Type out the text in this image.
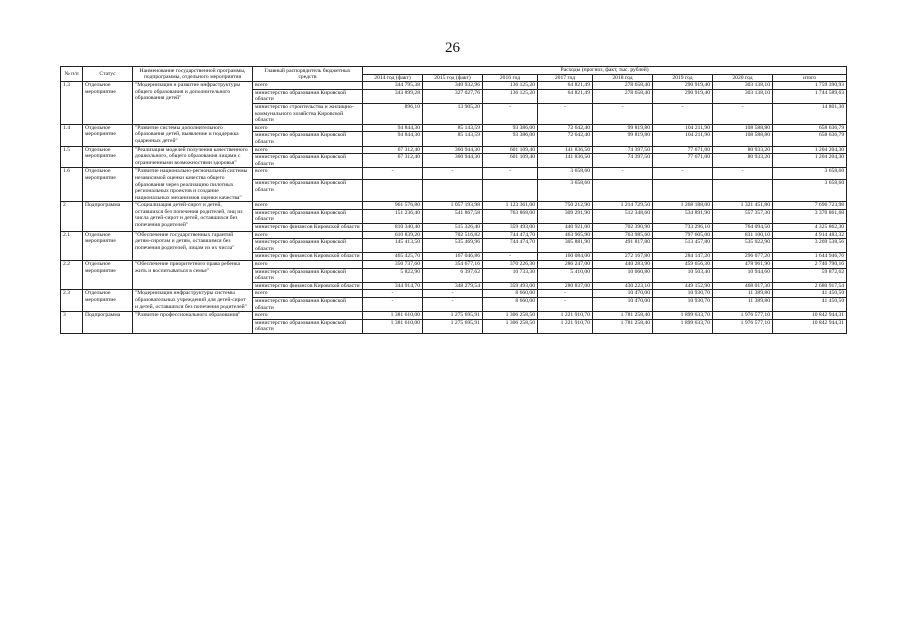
26
№ п/п	Статус	Наименование государственной программы, подпрограммы, отдельного мероприятия	Главный распорядитель бюджетных средств	Расходы (прогноз, факт, тыс. рублей)							
				2014 год (факт)	2015 год (факт)	2016 год	2017 год	2018 год	2019 год	2020 год	итого
1.3	Отдельное мероприятие	"Модернизация и развитие инфраструктуры общего образования и дополнительного образования детей"	всего	344 795,38	340 932,96	136 125,20	64 821,49	278 658,40	290 919,40	303 138,10	1 759 390,93
			министерство образования Кировской области	343 899,28	327 027,76	136 125,20	64 821,49	278 658,40	290 919,40	303 138,10	1 744 589,63
			министерство строительства и жилищно-коммунального хозяйства Кировской области	896,10	13 905,20	-	-	-	-	-	14 801,30
1.4	Отдельное мероприятие	"Развитие системы дополнительного образования детей, выявление и поддержка одаренных детей"	всего	94 844,30	85 143,59	93 386,00	72 642,40	99 819,80	104 211,90	108 588,80	658 636,79
			министерство образования Кировской области	94 844,30	85 143,59	93 386,00	72 642,40	99 819,80	104 211,90	108 588,80	658 636,79
1.5	Отдельное мероприятие	"Реализация моделей получения качественного дошкольного, общего образования лицами с ограниченными возможностями здоровья"	всего	67 312,40	360 944,30	601 109,40	141 836,50	74 397,50	77 671,00	80 933,20	1 204 204,30
			министерство образования Кировской области	67 312,40	360 944,30	601 109,40	141 836,50	74 397,50	77 671,00	80 933,20	1 204 204,30
1.6	Отдельное мероприятие	"Развитие национально-региональной системы независимой оценки качества общего образования через реализацию пилотных региональных проектов и создание национальных механизмов оценки качества"	всего	-	-	-	3 658,60	-	-	-	3 658,60
			министерство образования Кировской области				3 658,60				3 658,60
2	Подпрограмма	"Социализация детей-сирот и детей, оставшихся без попечения родителей, лиц из числа детей-сирот и детей, оставшихся без попечения родителей"	всего	961 576,80	1 057 193,98	1 123 361,00	750 212,90	1 214 729,50	1 268 188,00	1 321 451,80	7 696 723,98
			министерство образования Кировской области	151 236,40	541 867,58	763 868,00	309 291,90	512 348,60	534 891,90	557 357,30	3 370 861,68
			министерство финансов Кировской области	810 340,40	515 326,40	359 493,00	440 921,00	702 390,90	733 296,10	764 094,50	4 325 862,30
2.1	Отдельное мероприятие	"Обеспечение государственных гарантий детям-сиротам и детям, оставшимся без попечения родителей, лицам из их числа"	всего	610 839,20	702 516,82	744 474,70	463 965,90	763 985,60	797 605,00	831 100,10	4 914 483,32
			министерство образования Кировской области	145 413,50	535 469,96	744 474,70	305 881,90	491 817,80	513 457,80	535 022,90	3 269 538,56
			министерство финансов Кировской области	465 425,70	167 046,86	-	160 084,00	272 167,80	284 147,20	296 077,20	1 644 946,76
2.2	Отдельное мероприятие	"Обеспечение приоритетного права ребенка жить и воспитываться в семье"	всего	350 737,60	354 677,16	370 226,30	286 247,00	440 283,90	459 656,30	478 961,90	2 740 790,16
			министерство образования Кировской области	5 822,90	6 397,62	10 733,30	5 410,00	10 060,80	10 503,40	10 944,60	59 872,62
			министерство финансов Кировской области	344 914,70	348 279,54	359 493,00	280 837,00	430 223,10	449 152,90	468 017,30	2 680 917,54
2.3	Отдельное мероприятие	"Модернизация инфраструктуры системы образовательных учреждений для детей-сирот и детей, оставшихся без попечения родителей"	всего	-	-	8 660,00	-	10 470,00	10 930,70	11 389,80	41 450,50
			министерство образования Кировской области	-	-	8 660,00	-	10 470,00	10 930,70	11 389,80	41 450,50
3	Подпрограмма	"Развитие профессионального образования"	всего	1 381 610,00	1 275 695,91	1 306 258,50	1 221 910,70	1 781 258,40	1 899 633,70	1 976 577,10	10 842 944,31
			министерство образования Кировской области	1 381 610,00	1 275 695,91	1 306 258,50	1 221 910,70	1 781 258,40	1 899 633,70	1 976 577,10	10 842 944,31
